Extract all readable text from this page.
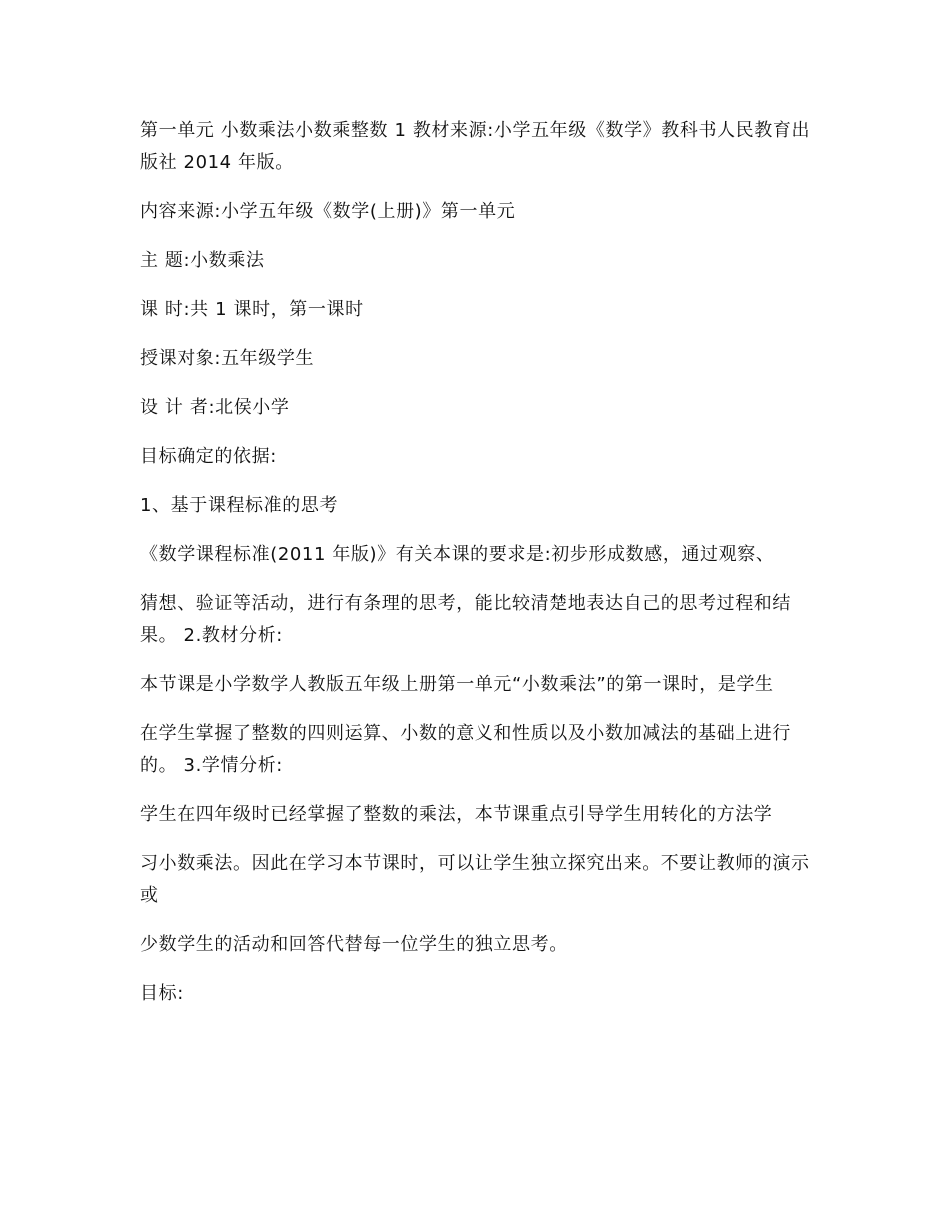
第一单元 小数乘法小数乘整数 1 教材来源:小学五年级《数学》教科书人民教育出版社 2014 年版。

内容来源:小学五年级《数学(上册)》第一单元

主 题:小数乘法

课 时:共 1 课时，第一课时

授课对象:五年级学生

设 计 者:北侯小学

目标确定的依据:

1、基于课程标准的思考

《数学课程标准(2011 年版)》有关本课的要求是:初步形成数感，通过观察、

猜想、验证等活动，进行有条理的思考，能比较清楚地表达自己的思考过程和结果。 2.教材分析:

本节课是小学数学人教版五年级上册第一单元“小数乘法”的第一课时，是学生

在学生掌握了整数的四则运算、小数的意义和性质以及小数加减法的基础上进行的。 3.学情分析:

学生在四年级时已经掌握了整数的乘法，本节课重点引导学生用转化的方法学

习小数乘法。因此在学习本节课时，可以让学生独立探究出来。不要让教师的演示或

少数学生的活动和回答代替每一位学生的独立思考。

目标:
